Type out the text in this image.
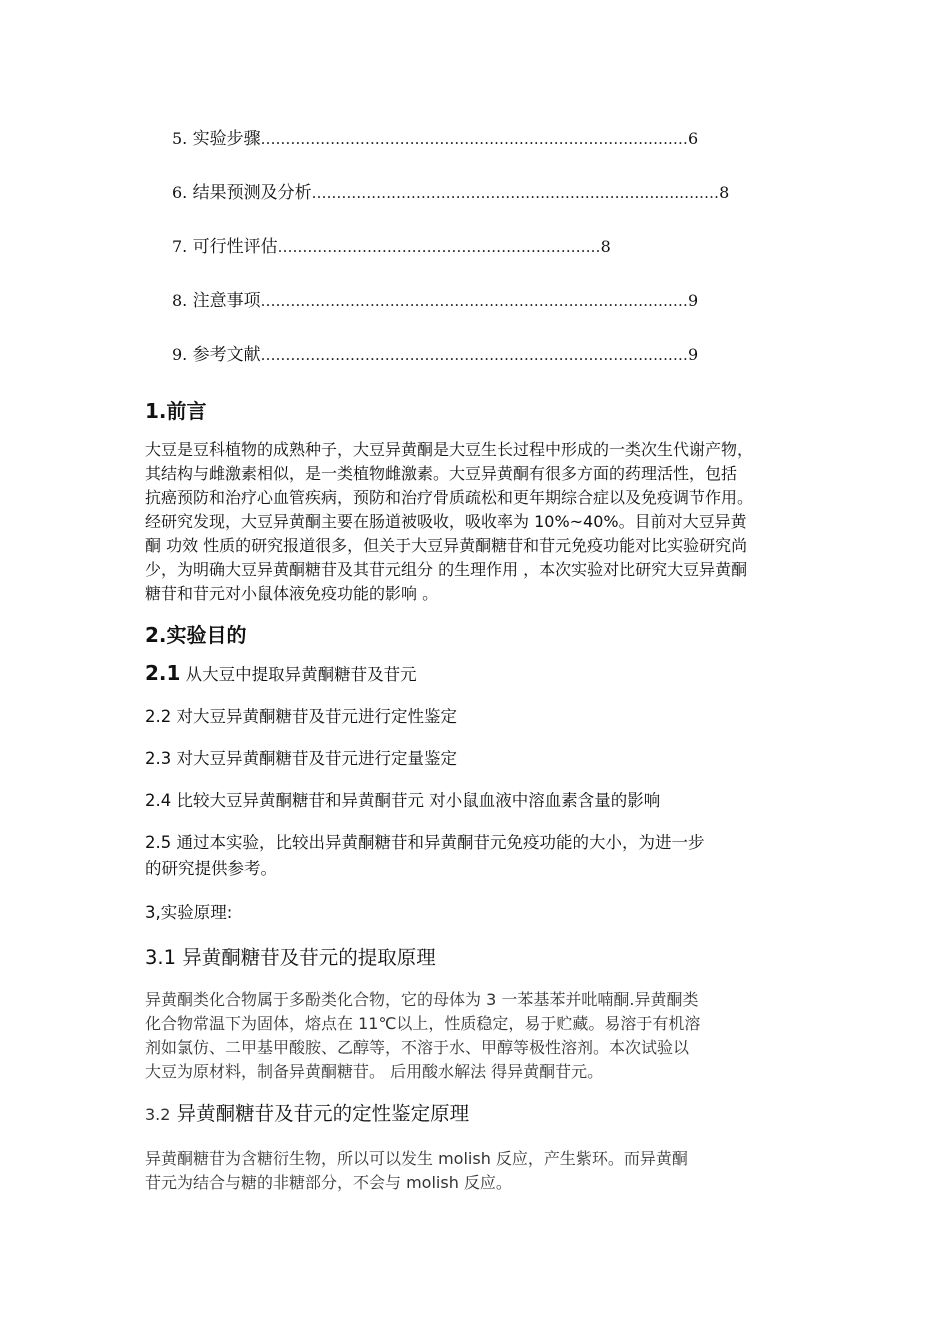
5. 实验步骤......................................................................................6
6. 结果预测及分析..................................................................................8
7. 可行性评估.................................................................8
8. 注意事项......................................................................................9
9. 参考文献......................................................................................9
1.前言

大豆是豆科植物的成熟种子，大豆异黄酮是大豆生长过程中形成的一类次生代谢产物，

其结构与雌激素相似，是一类植物雌激素。大豆异黄酮有很多方面的药理活性，包括

抗癌预防和治疗心血管疾病，预防和治疗骨质疏松和更年期综合症以及免疫调节作用。

经研究发现，大豆异黄酮主要在肠道被吸收，吸收率为 10%~40%。目前对大豆异黄

酮 功效 性质的研究报道很多，但关于大豆异黄酮糖苷和苷元免疫功能对比实验研究尚

少，为明确大豆异黄酮糖苷及其苷元组分 的生理作用 ，本次实验对比研究大豆异黄酮

糖苷和苷元对小鼠体液免疫功能的影响 。

2.实验目的

2.1 从大豆中提取异黄酮糖苷及苷元

2.2 对大豆异黄酮糖苷及苷元进行定性鉴定

2.3 对大豆异黄酮糖苷及苷元进行定量鉴定

2.4 比较大豆异黄酮糖苷和异黄酮苷元 对小鼠血液中溶血素含量的影响

2.5 通过本实验，比较出异黄酮糖苷和异黄酮苷元免疫功能的大小，为进一步

的研究提供参考。

3,实验原理:

3.1 异黄酮糖苷及苷元的提取原理

异黄酮类化合物属于多酚类化合物，它的母体为 3 一苯基苯并吡喃酮.异黄酮类

化合物常温下为固体，熔点在 11℃以上，性质稳定，易于贮藏。易溶于有机溶

剂如氯仿、二甲基甲酸胺、乙醇等，不溶于水、甲醇等极性溶剂。本次试验以

大豆为原材料，制备异黄酮糖苷。 后用酸水解法 得异黄酮苷元。

3.2 异黄酮糖苷及苷元的定性鉴定原理

异黄酮糖苷为含糖衍生物，所以可以发生 molish 反应，产生紫环。而异黄酮

苷元为结合与糖的非糖部分，不会与 molish 反应。
